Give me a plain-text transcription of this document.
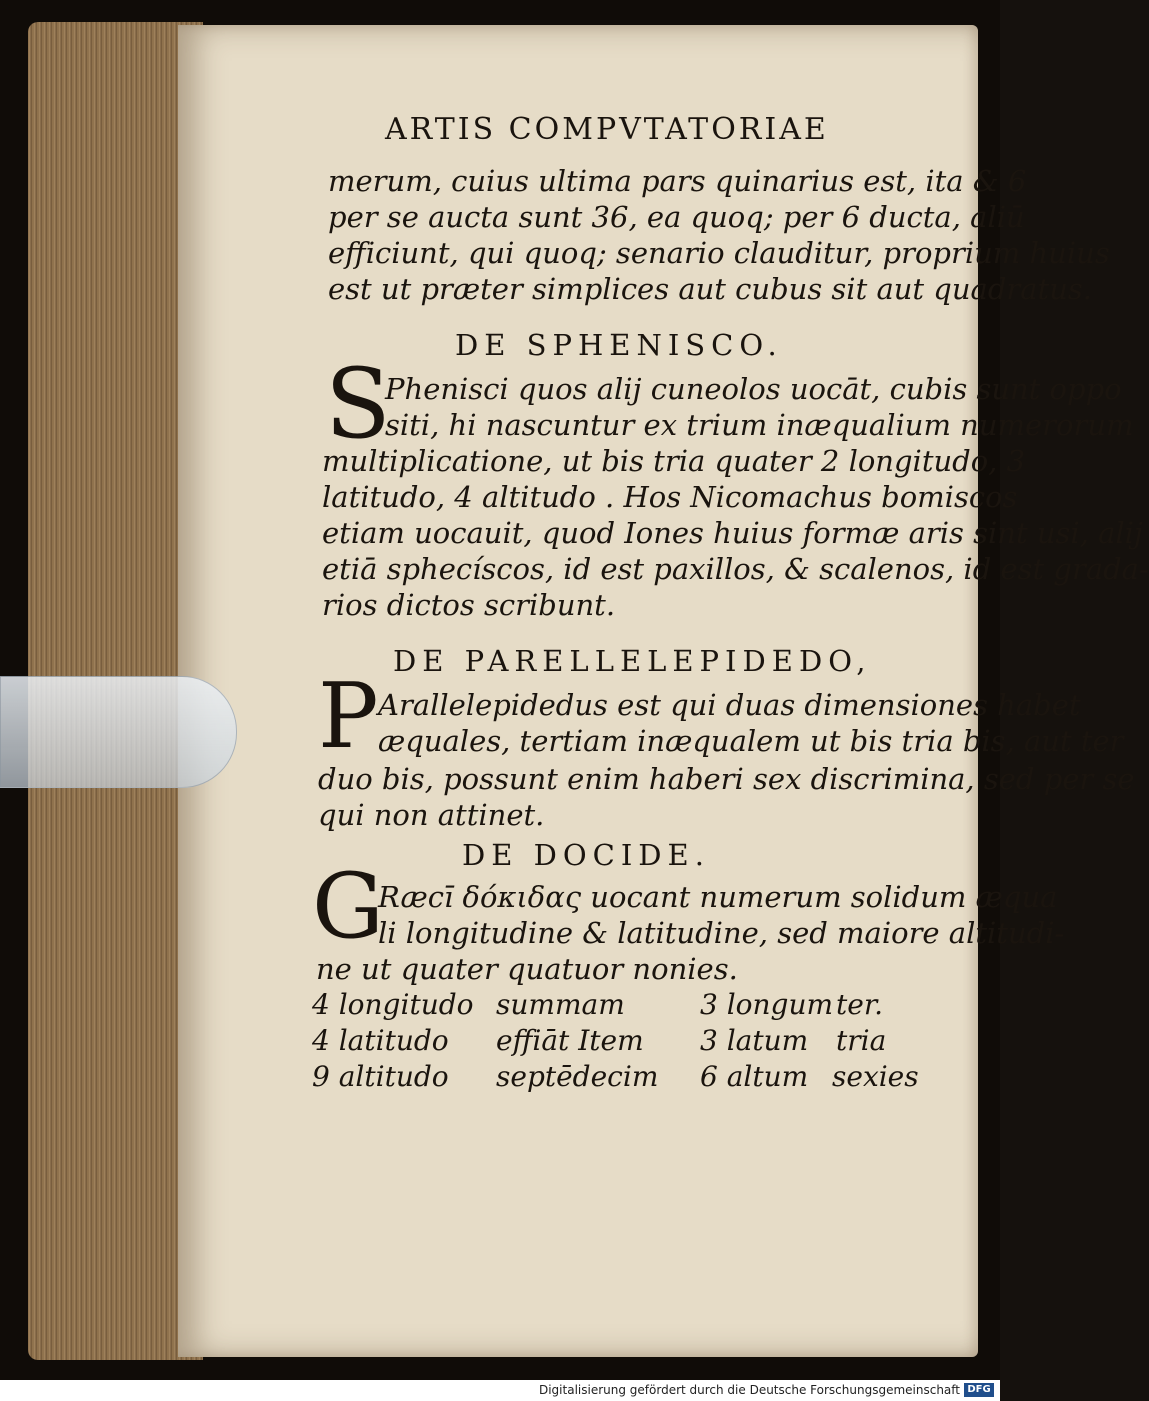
ARTIS COMPVTATORIAE
merum, cuius ultima pars quinarius est, ita & 6
per se aucta sunt 36, ea quoq; per 6 ducta, aliū
efficiunt, qui quoq; senario clauditur, proprium huius
est ut præter simplices aut cubus sit aut quadratus.
DE SPHENISCO.
S
Phenisci quos alij cuneolos uocāt, cubis sunt oppo
siti, hi nascuntur ex trium inæqualium numerorum
multiplicatione, ut bis tria quater 2 longitudo, 3
latitudo, 4 altitudo . Hos Nicomachus bomiscos
etiam uocauit, quod Iones huius formæ aris sint usi, alij
etiā sphecíscos, id est paxillos, & scalenos, id est grada-
rios dictos scribunt.
DE PARELLELEPIDEDO,
P Arallelepidedus est qui duas dimensiones habet
æquales, tertiam inæqualem ut bis tria bis, aut ter
duo bis, possunt enim haberi sex discrimina, sed per se
qui non attinet.
DE DOCIDE.
G
Ræcī δόκιδας uocant numerum solidum æqua
li longitudine & latitudine, sed maiore altitudi-
ne ut quater quatuor nonies.
4 longitudo summam	3 longum ter.
4 latitudo effiāt Item 3 latum tria
9 altitudo septēdecim 6 altum sexies
Digitalisierung gefördert durch die Deutsche Forschungsgemeinschaft DFG
